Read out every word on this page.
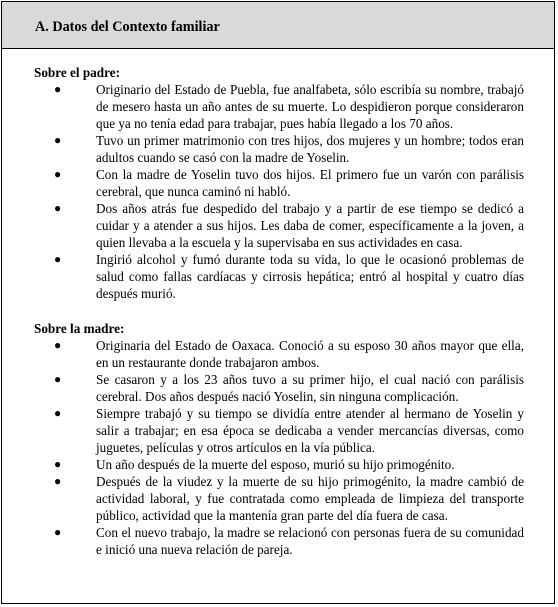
A. Datos del Contexto familiar
Sobre el padre:
●	Originario del Estado de Puebla, fue analfabeta, sólo escribía su nombre, trabajó de mesero hasta un año antes de su muerte. Lo despidieron porque consideraron que ya no tenía edad para trabajar, pues había llegado a los 70 años.
●	Tuvo un primer matrimonio con tres hijos, dos mujeres y un hombre; todos eran adultos cuando se casó con la madre de Yoselin.
●	Con la madre de Yoselin tuvo dos hijos. El primero fue un varón con parálisis cerebral, que nunca caminó ni habló.
●	Dos años atrás fue despedido del trabajo y a partir de ese tiempo se dedicó a cuidar y a atender a sus hijos. Les daba de comer, específicamente a la joven, a quien llevaba a la escuela y la supervisaba en sus actividades en casa.
●	Ingirió alcohol y fumó durante toda su vida, lo que le ocasionó problemas de salud como fallas cardíacas y cirrosis hepática; entró al hospital y cuatro días después murió.
Sobre la madre:
●	Originaria del Estado de Oaxaca. Conoció a su esposo 30 años mayor que ella, en un restaurante donde trabajaron ambos.
●	Se casaron y a los 23 años tuvo a su primer hijo, el cual nació con parálisis cerebral. Dos años después nació Yoselin, sin ninguna complicación.
●	Siempre trabajó y su tiempo se dividía entre atender al hermano de Yoselin y salir a trabajar; en esa época se dedicaba a vender mercancías diversas, como juguetes, películas y otros artículos en la vía pública.
●	Un año después de la muerte del esposo, murió su hijo primogénito.
●	Después de la viudez y la muerte de su hijo primogénito, la madre cambió de actividad laboral, y fue contratada como empleada de limpieza del transporte público, actividad que la mantenía gran parte del día fuera de casa.
●	Con el nuevo trabajo, la madre se relacionó con personas fuera de su comunidad e inició una nueva relación de pareja.
